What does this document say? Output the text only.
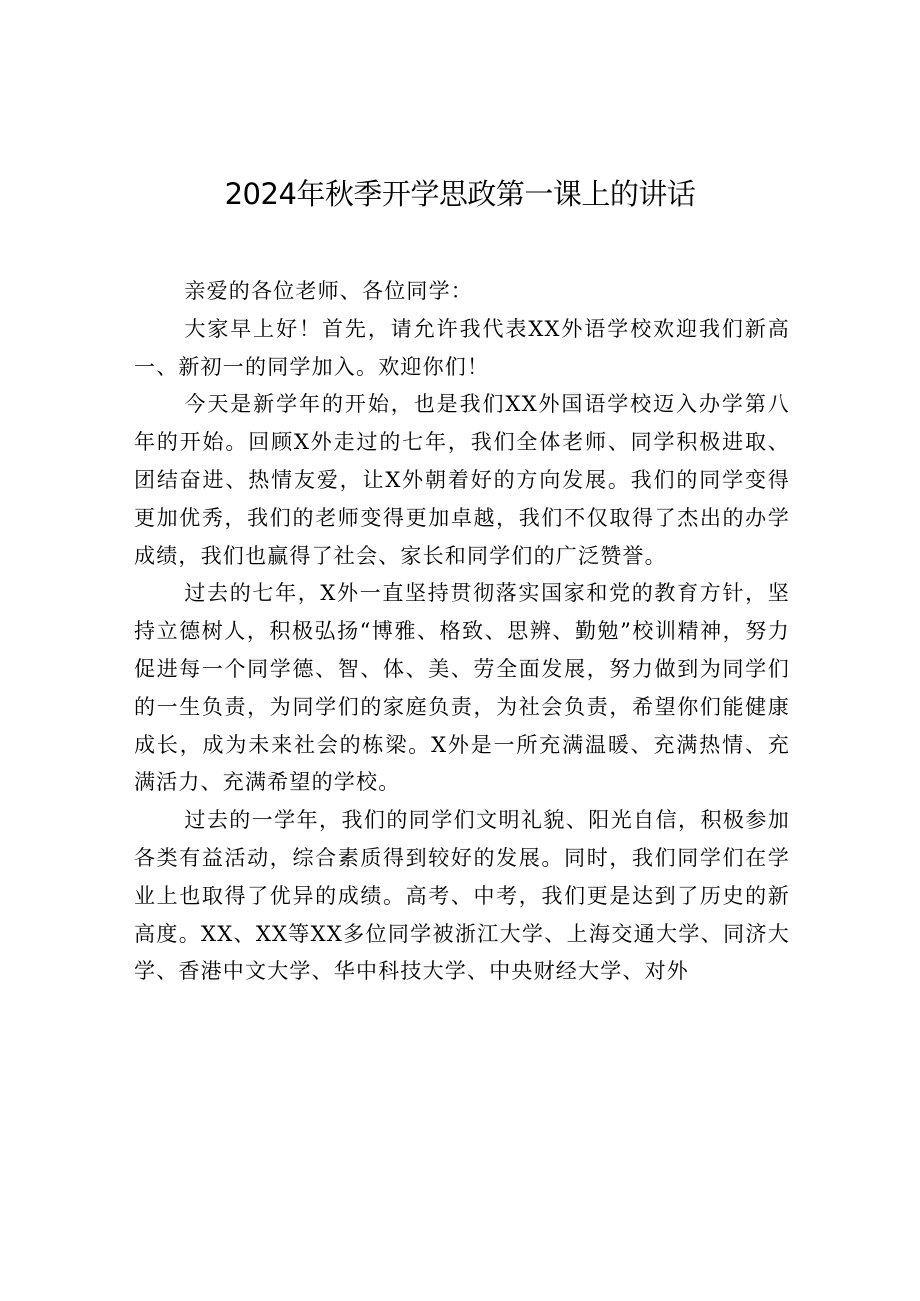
2024年秋季开学思政第一课上的讲话

亲爱的各位老师、各位同学：

大家早上好！首先，请允许我代表XX外语学校欢迎我们新高一、新初一的同学加入。欢迎你们！

今天是新学年的开始，也是我们XX外国语学校迈入办学第八年的开始。回顾X外走过的七年，我们全体老师、同学积极进取、团结奋进、热情友爱，让X外朝着好的方向发展。我们的同学变得更加优秀，我们的老师变得更加卓越，我们不仅取得了杰出的办学成绩，我们也赢得了社会、家长和同学们的广泛赞誉。

过去的七年，X外一直坚持贯彻落实国家和党的教育方针，坚持立德树人，积极弘扬“博雅、格致、思辨、勤勉”校训精神，努力促进每一个同学德、智、体、美、劳全面发展，努力做到为同学们的一生负责，为同学们的家庭负责，为社会负责，希望你们能健康成长，成为未来社会的栋梁。X外是一所充满温暖、充满热情、充满活力、充满希望的学校。

过去的一学年，我们的同学们文明礼貌、阳光自信，积极参加各类有益活动，综合素质得到较好的发展。同时，我们同学们在学业上也取得了优异的成绩。高考、中考，我们更是达到了历史的新高度。XX、XX等XX多位同学被浙江大学、上海交通大学、同济大学、香港中文大学、华中科技大学、中央财经大学、对外
